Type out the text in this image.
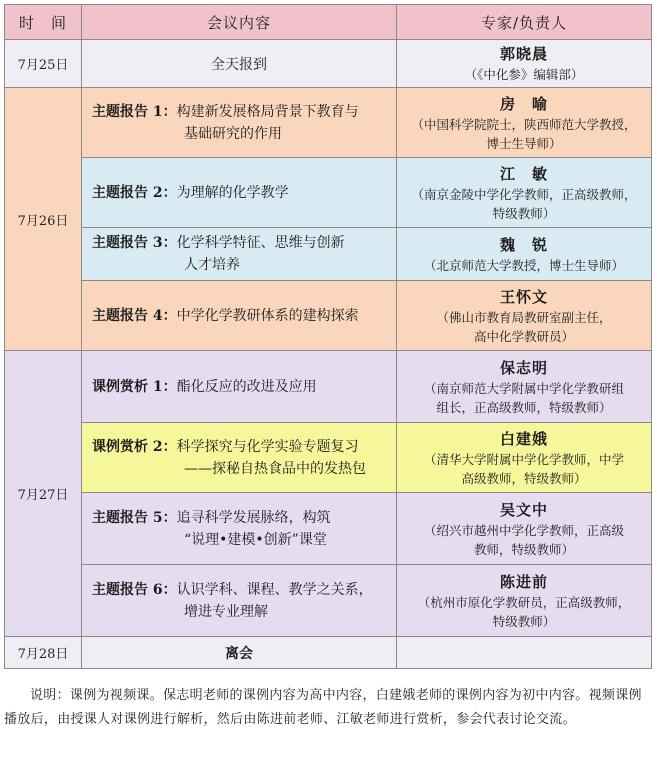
时　间	会议内容	专家/负责人
7月25日	全天报到	郭晓晨
（《中化参》编辑部）
7月26日	主题报告 1：构建新发展格局背景下教育与
基础研究的作用	房　喻
（中国科学院院士，陕西师范大学教授，
博士生导师）

	主题报告 2：为理解的化学教学	江　敏
（南京金陵中学化学教师，正高级教师，
特级教师）

	主题报告 3：化学科学特征、思维与创新
人才培养	魏　锐
（北京师范大学教授，博士生导师）

	主题报告 4：中学化学教研体系的建构探索	王怀文
（佛山市教育局教研室副主任，
高中化学教研员）
7月27日	课例赏析 1：酯化反应的改进及应用	保志明
（南京师范大学附属中学化学教研组
组长，正高级教师，特级教师）

	课例赏析 2：科学探究与化学实验专题复习
——探秘自热食品中的发热包	白建娥
（清华大学附属中学化学教师，中学
高级教师，特级教师）

	主题报告 5：追寻科学发展脉络，构筑
“说理•建模•创新”课堂	吴文中
（绍兴市越州中学化学教师，正高级
教师，特级教师）

	主题报告 6：认识学科、课程、教学之关系，
增进专业理解	陈进前
（杭州市原化学教研员，正高级教师，
特级教师）
7月28日	离会	
说明：课例为视频课。保志明老师的课例内容为高中内容，白建娥老师的课例内容为初中内容。视频课例播放后，由授课人对课例进行解析，然后由陈进前老师、江敏老师进行赏析，参会代表讨论交流。
